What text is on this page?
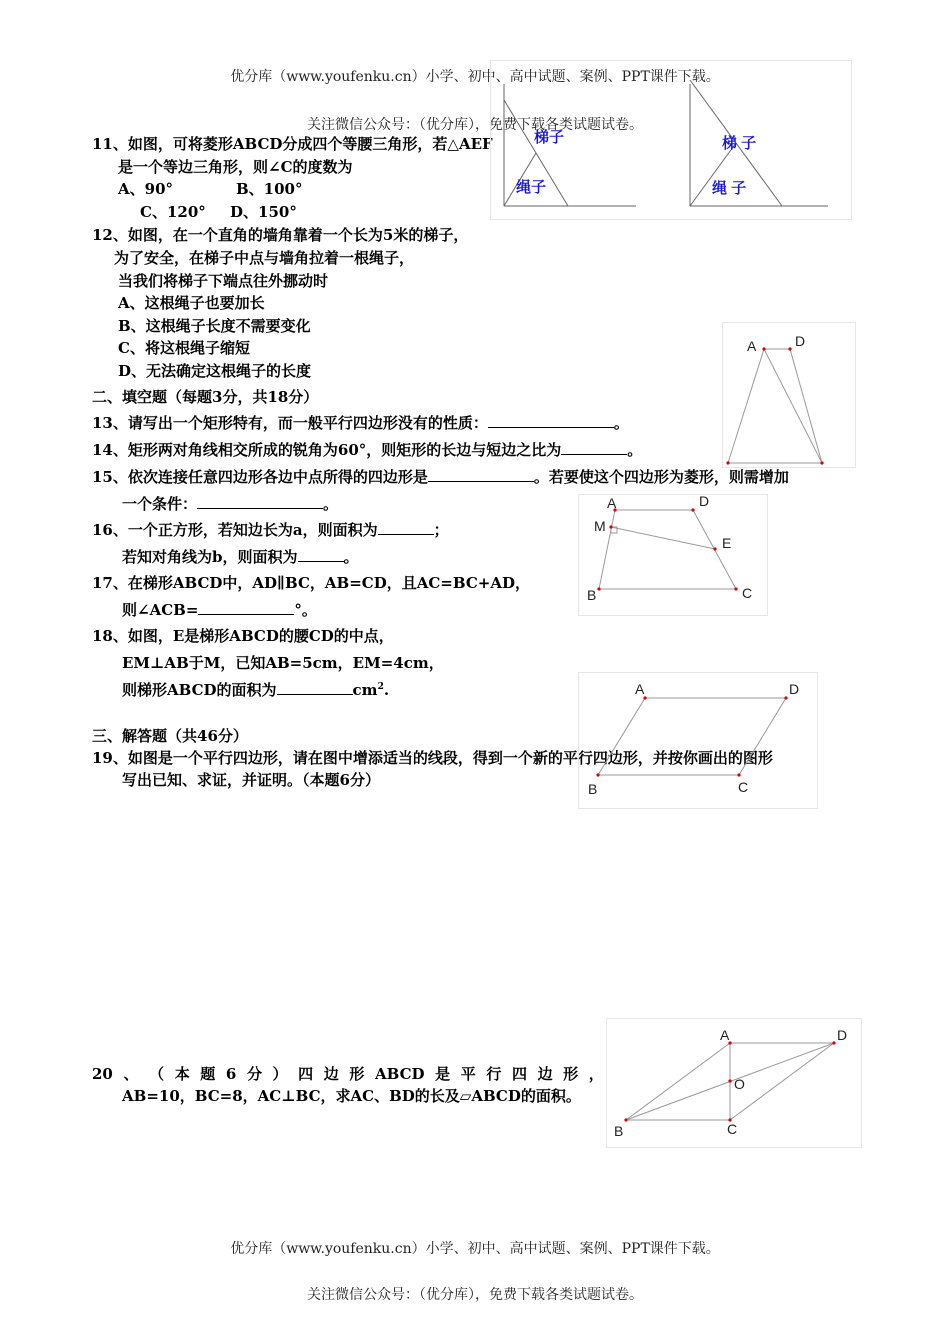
优分库（www.youfenku.cn）小学、初中、高中试题、案例、PPT课件下载。
关注微信公众号：（优分库），免费下载各类试题试卷。
11、如图，可将菱形ABCD分成四个等腰三角形，若△AEF
是一个等边三角形，则∠C的度数为
A、90°	B、100°
C、120° D、150°
12、如图，在一个直角的墙角靠着一个长为5米的梯子，
为了安全，在梯子中点与墙角拉着一根绳子，
当我们将梯子下端点往外挪动时
A、这根绳子也要加长
B、这根绳子长度不需要变化
C、将这根绳子缩短
D、无法确定这根绳子的长度
梯子
绳子
梯 子
绳 子
A	D
二、填空题（每题3分，共18分）
13、请写出一个矩形特有，而一般平行四边形没有的性质：	。
14、矩形两对角线相交所成的锐角为60°，则矩形的长边与短边之比为	。
15、依次连接任意四边形各边中点所得的四边形是	。若要使这个四边形为菱形，则需增加
一个条件：	。
16、一个正方形，若知边长为a，则面积为	；
若知对角线为b，则面积为	。
17、在梯形ABCD中，AD∥BC，AB=CD，且AC=BC+AD，
则∠ACB=	°。
18、如图，E是梯形ABCD的腰CD的中点，
EM⊥AB于M，已知AB=5cm，EM=4cm，
则梯形ABCD的面积为	$cm^2$.
A	D
M
E
B	C
三、解答题（共46分）
19、如图是一个平行四边形，请在图中增添适当的线段，得到一个新的平行四边形，并按你画出的图形
写出已知、求证，并证明。（本题6分）
A	D
B	C
20 、 （ 本 题 6 分 ） 四 边 形 ABCD 是 平 行 四 边 形 ，
AB=10，BC=8，AC⊥BC，求AC、BD的长及▱ABCD的面积。
A	D
O
B	C
优分库（www.youfenku.cn）小学、初中、高中试题、案例、PPT课件下载。
关注微信公众号：（优分库），免费下载各类试题试卷。
